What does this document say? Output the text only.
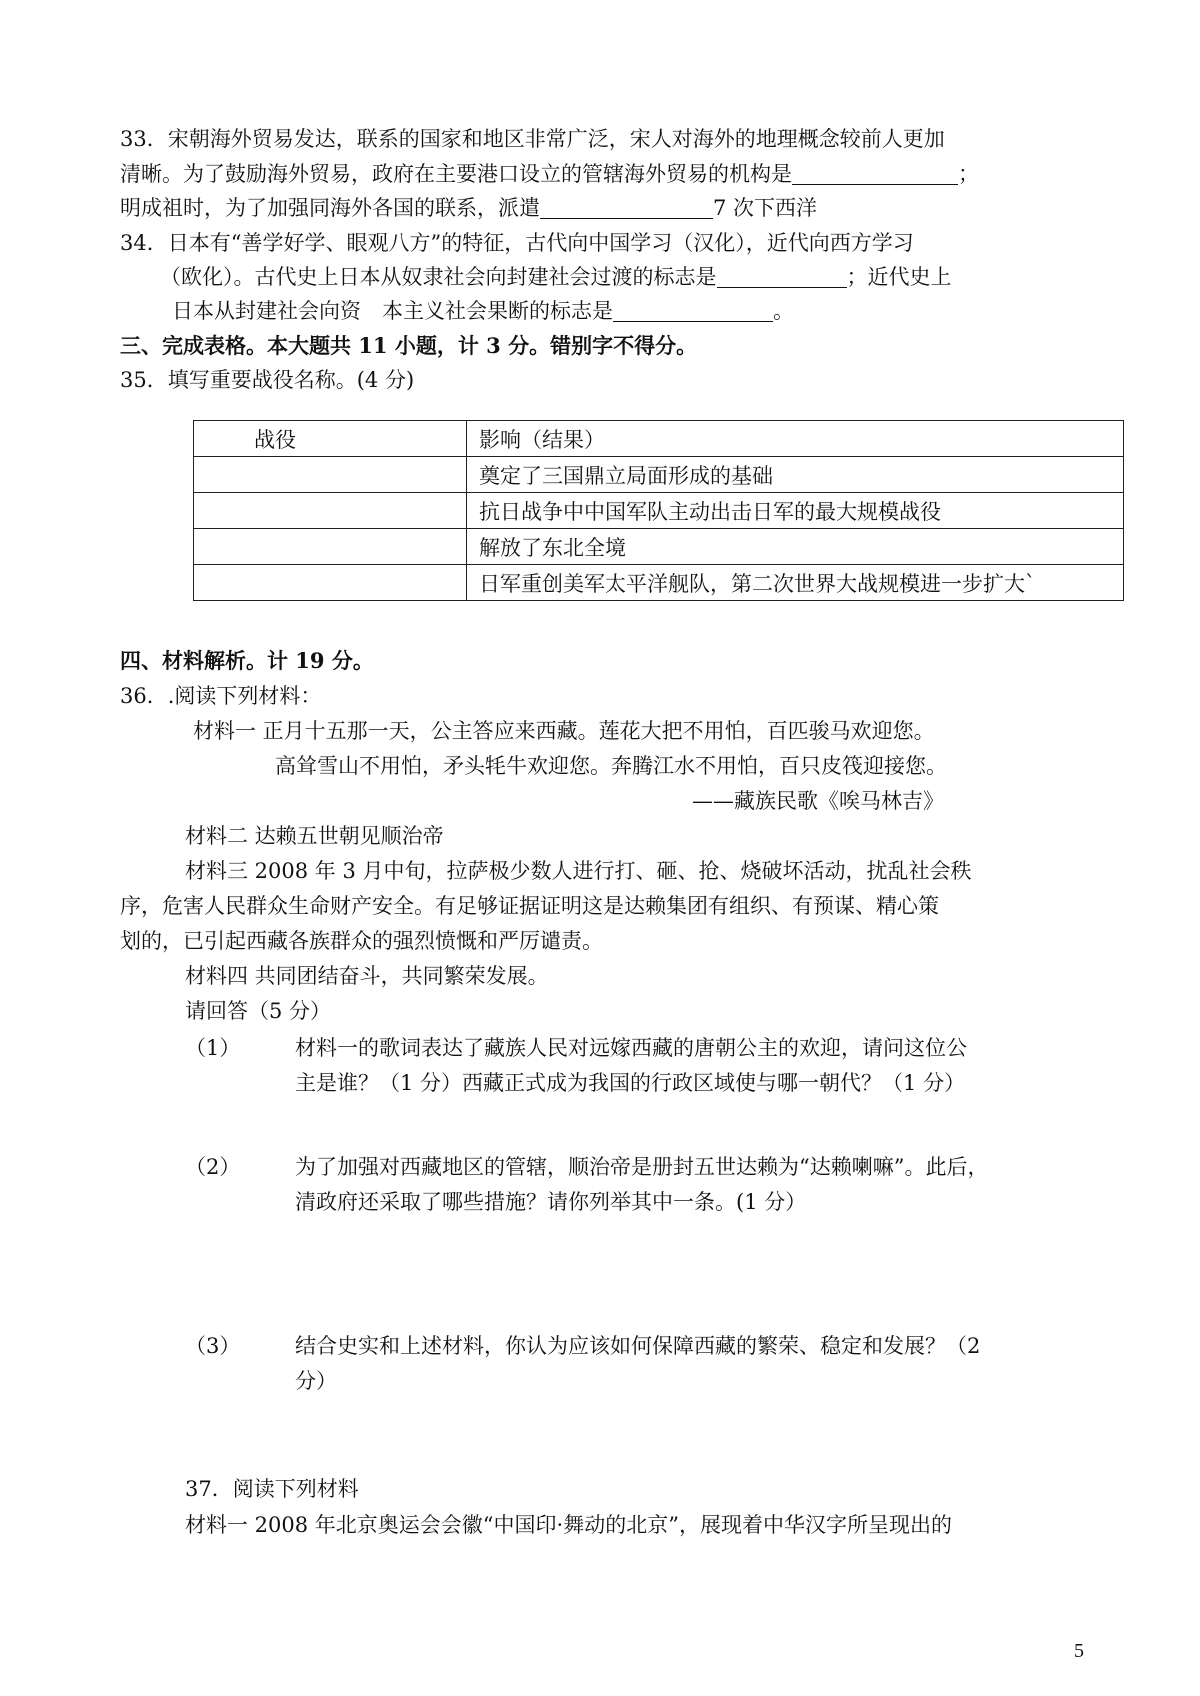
33．宋朝海外贸易发达，联系的国家和地区非常广泛，宋人对海外的地理概念较前人更加
清晰。为了鼓励海外贸易，政府在主要港口设立的管辖海外贸易的机构是	；
明成祖时，为了加强同海外各国的联系，派遣	7 次下西洋
34．日本有“善学好学、眼观八方”的特征，古代向中国学习（汉化），近代向西方学习
（欧化）。古代史上日本从奴隶社会向封建社会过渡的标志是	；近代史上
日本从封建社会向资　本主义社会果断的标志是	。
三、完成表格。本大题共 11 小题，计 3 分。错别字不得分。
35．填写重要战役名称。(4 分)
战役	影响（结果）
	奠定了三国鼎立局面形成的基础
	抗日战争中中国军队主动出击日军的最大规模战役
	解放了东北全境
	日军重创美军太平洋舰队，第二次世界大战规模进一步扩大`
四、材料解析。计 19 分。
36．.阅读下列材料：
材料一 正月十五那一天，公主答应来西藏。莲花大把不用怕，百匹骏马欢迎您。
高耸雪山不用怕，矛头牦牛欢迎您。奔腾江水不用怕，百只皮筏迎接您。
——藏族民歌《唉马林吉》
材料二 达赖五世朝见顺治帝
材料三 2008 年 3 月中旬，拉萨极少数人进行打、砸、抢、烧破坏活动，扰乱社会秩
序，危害人民群众生命财产安全。有足够证据证明这是达赖集团有组织、有预谋、精心策
划的，已引起西藏各族群众的强烈愤慨和严厉谴责。
材料四 共同团结奋斗，共同繁荣发展。
请回答（5 分）
（1）	材料一的歌词表达了藏族人民对远嫁西藏的唐朝公主的欢迎，请问这位公
主是谁？（1 分）西藏正式成为我国的行政区域使与哪一朝代？（1 分）
（2）	为了加强对西藏地区的管辖，顺治帝是册封五世达赖为“达赖喇嘛”。此后，
清政府还采取了哪些措施？请你列举其中一条。(1 分）
（3）	结合史实和上述材料，你认为应该如何保障西藏的繁荣、稳定和发展？（2
分）
37．阅读下列材料
材料一 2008 年北京奥运会会徽“中国印·舞动的北京”，展现着中华汉字所呈现出的
5
